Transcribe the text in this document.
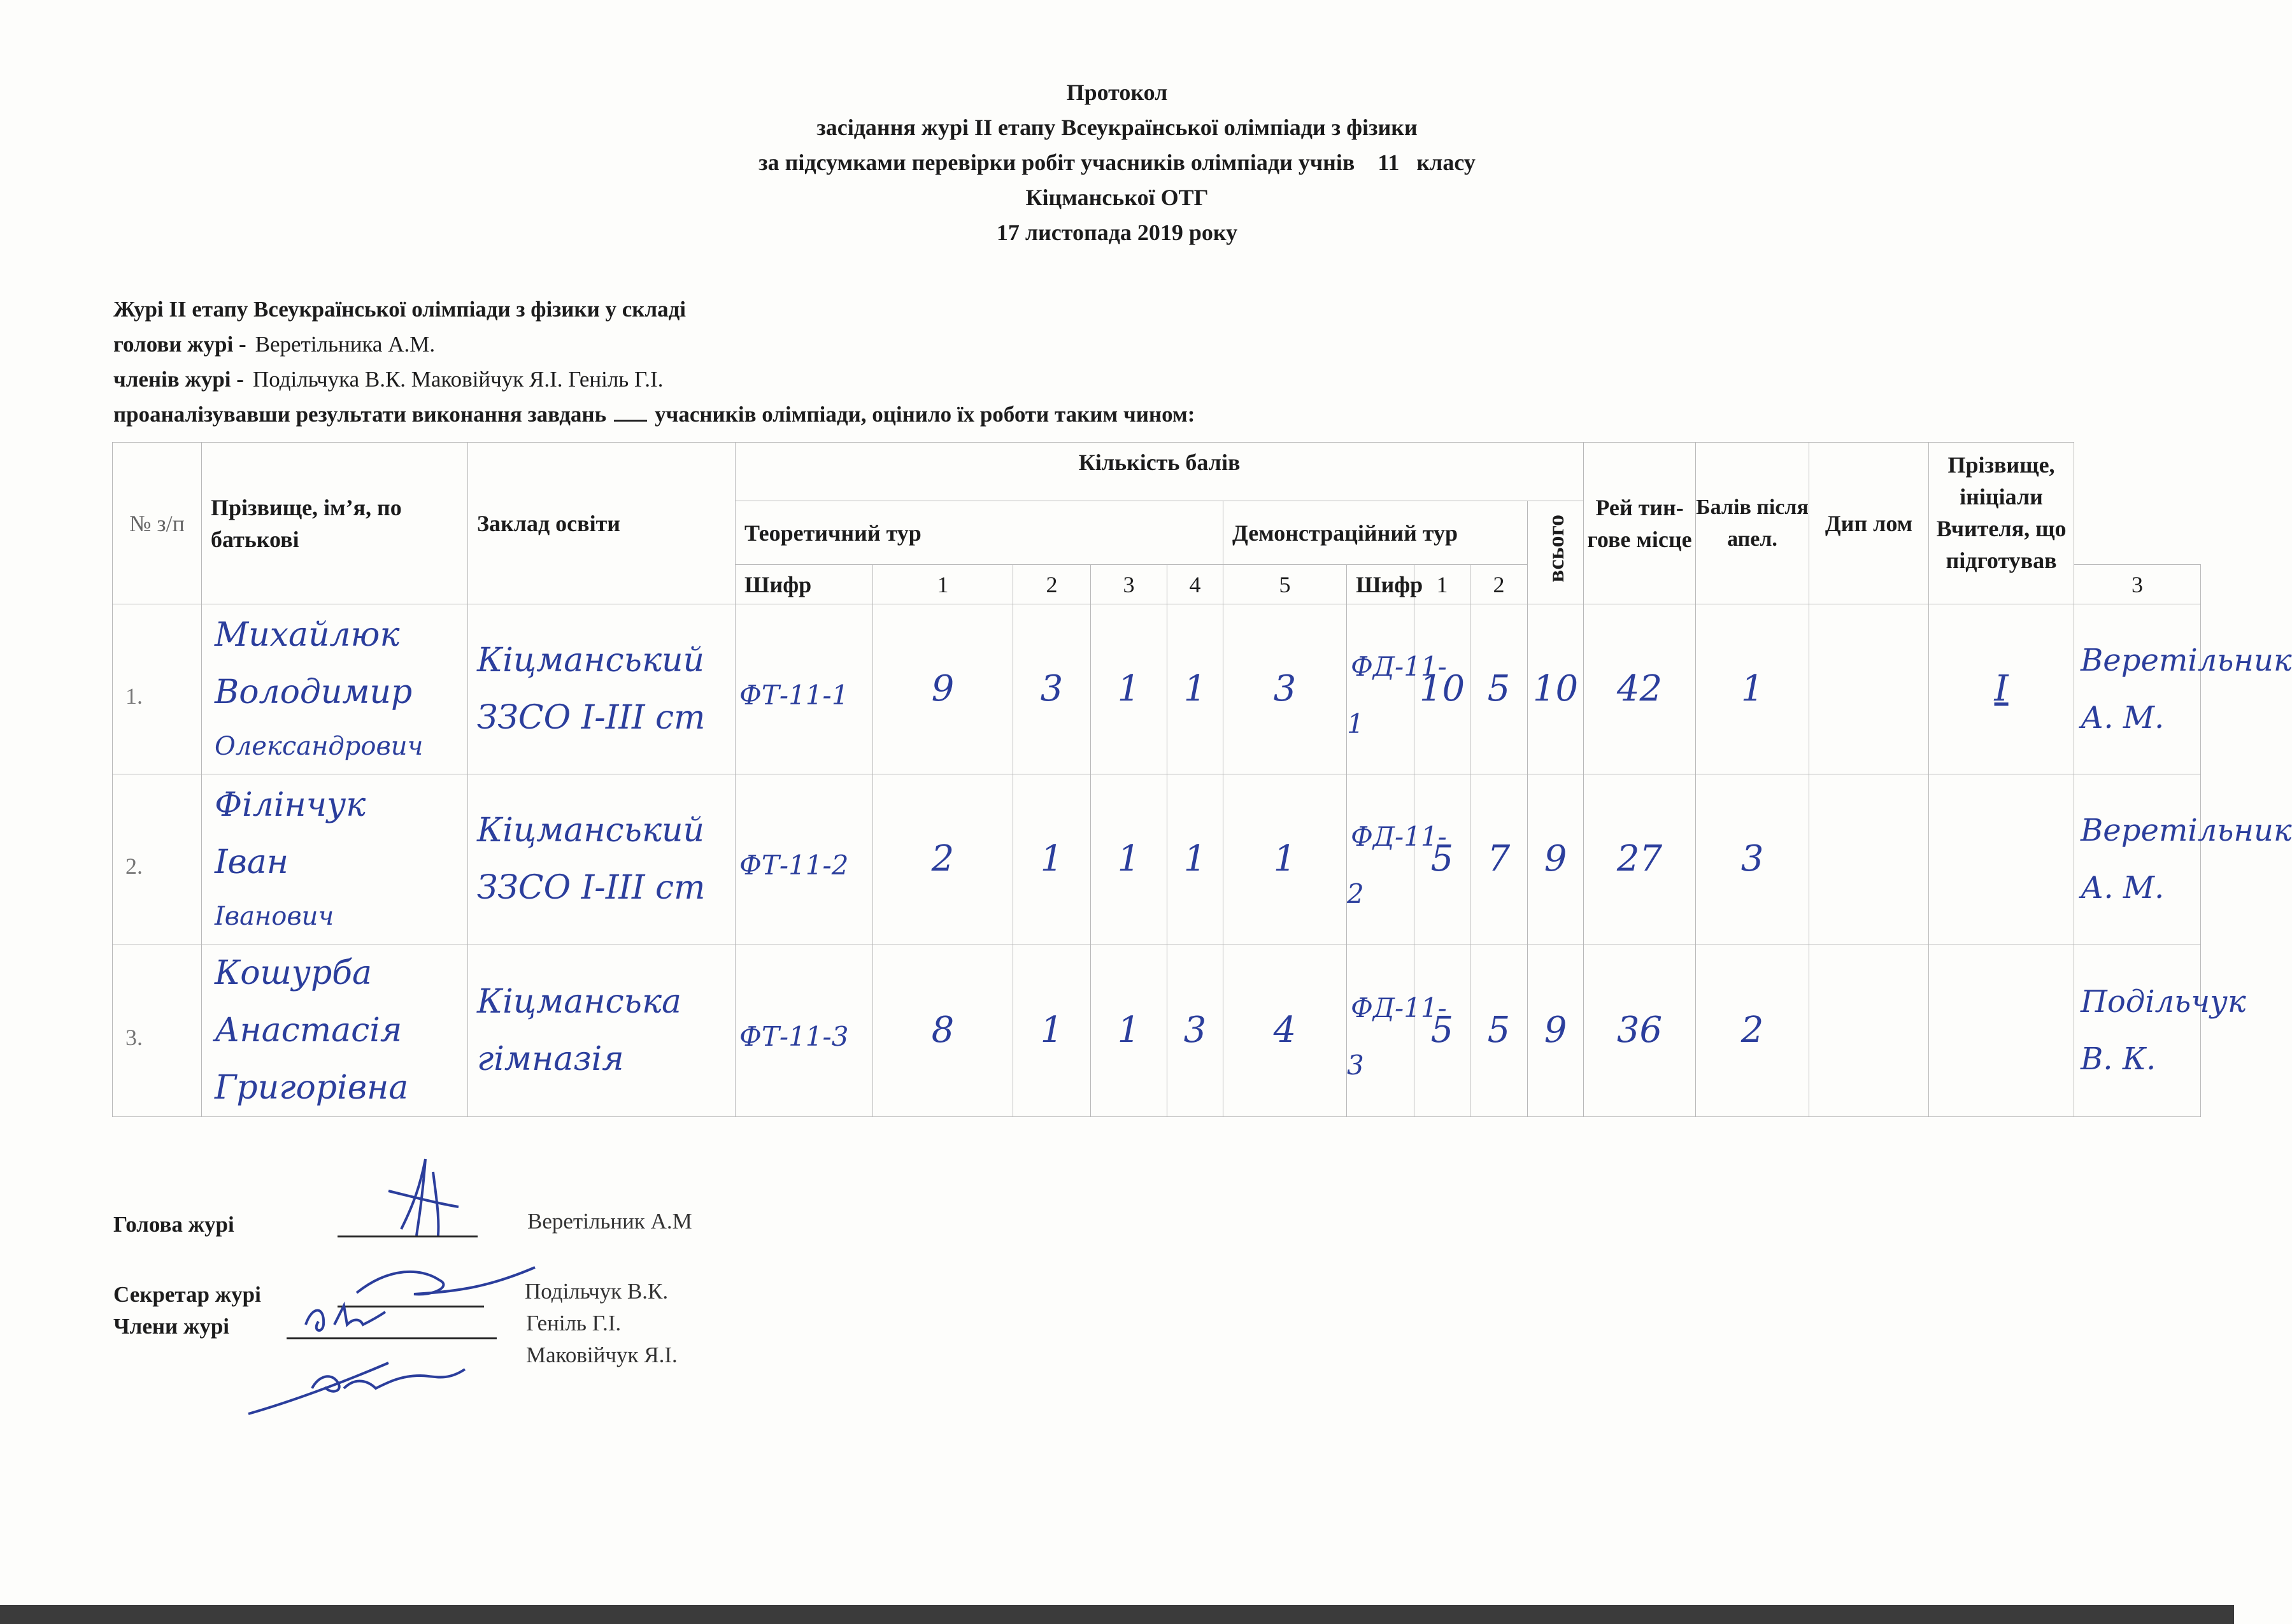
Протокол
засідання журі ІІ етапу Всеукраїнської олімпіади з фізики
за підсумками перевірки робіт учасників олімпіади учнів 11 класу
Кіцманської ОТГ
17 листопада 2019 року
Журі ІІ етапу Всеукраїнської олімпіади з фізики у складі
голови журі - Веретільника А.М.
членів журі - Подільчука В.К. Маковійчук Я.І. Геніль Г.І.
проаналізувавши результати виконання завдань учасників олімпіади, оцінило їх роботи таким чином:
№ з/п	Прізвище, ім’я, по батькові	Заклад освіти	Кількість балів										Рей тин- гове місце	Балів після апел.	Дип лом	Прізвище, ініціали Вчителя, що підготував	
			Теоретичний тур					Демонстраційний тур				всього					
			Шифр	1	2	3	4	5	Шифр	1	2						3
1.	Михайлюк
Володимир
Олександрович	Кіцманський
ЗЗСО І-ІІІ ст	ФТ-11-1	9	3	1	1	3	ФД-11-1	10	5	10	42	1		I	Веретільник
А. М.

2.	Філінчук
Іван
Іванович	Кіцманський
ЗЗСО І-ІІІ ст	ФТ-11-2	2	1	1	1	1	ФД-11-2	5	7	9	27	3			Веретільник
А. М.

3.	Кошурба
Анастасія
Григорівна	Кіцманська
гімназія	ФТ-11-3	8	1	1	3	4	ФД-11-3	5	5	9	36	2			Подільчук
В. К.
Голова журі	Веретільник А.М
Секретар журі	Подільчук В.К.
Члени журі	Геніль Г.І.
Маковійчук Я.І.
